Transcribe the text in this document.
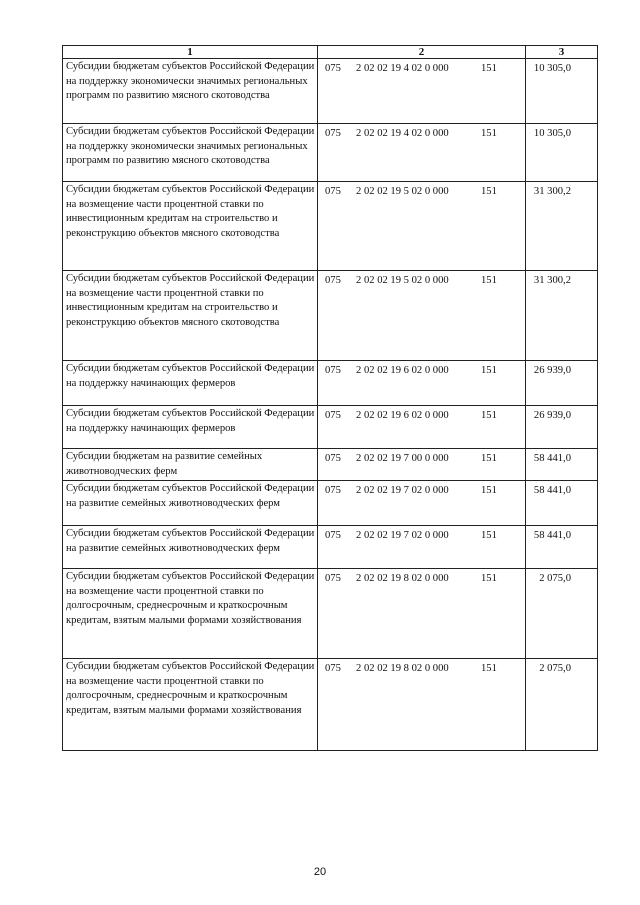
1	2	3
Субсидии бюджетам субъектов Российской Федерации на поддержку экономически значимых региональных программ по развитию мясного скотоводства	075 2 02 02 19 4 02 0 000 151	10 305,0
Субсидии бюджетам субъектов Российской Федерации на поддержку экономически значимых региональных программ по развитию мясного скотоводства	075 2 02 02 19 4 02 0 000 151	10 305,0
Субсидии бюджетам субъектов Российской Федерации на возмещение части процентной ставки по инвестиционным кредитам на строительство и реконструкцию объектов мясного скотоводства	075 2 02 02 19 5 02 0 000 151	31 300,2
Субсидии бюджетам субъектов Российской Федерации на возмещение части процентной ставки по инвестиционным кредитам на строительство и реконструкцию объектов мясного скотоводства	075 2 02 02 19 5 02 0 000 151	31 300,2
Субсидии бюджетам субъектов Российской Федерации на поддержку начинающих фермеров	075 2 02 02 19 6 02 0 000 151	26 939,0
Субсидии бюджетам субъектов Российской Федерации на поддержку начинающих фермеров	075 2 02 02 19 6 02 0 000 151	26 939,0
Субсидии бюджетам на развитие семейных животноводческих ферм	075 2 02 02 19 7 00 0 000 151	58 441,0
Субсидии бюджетам субъектов Российской Федерации на развитие семейных животноводческих ферм	075 2 02 02 19 7 02 0 000 151	58 441,0
Субсидии бюджетам субъектов Российской Федерации на развитие семейных животноводческих ферм	075 2 02 02 19 7 02 0 000 151	58 441,0
Субсидии бюджетам субъектов Российской Федерации на возмещение части процентной ставки по долгосрочным, среднесрочным и краткосрочным кредитам, взятым малыми формами хозяйствования	075 2 02 02 19 8 02 0 000 151	2 075,0
Субсидии бюджетам субъектов Российской Федерации на возмещение части процентной ставки по долгосрочным, среднесрочным и краткосрочным кредитам, взятым малыми формами хозяйствования	075 2 02 02 19 8 02 0 000 151	2 075,0
20
